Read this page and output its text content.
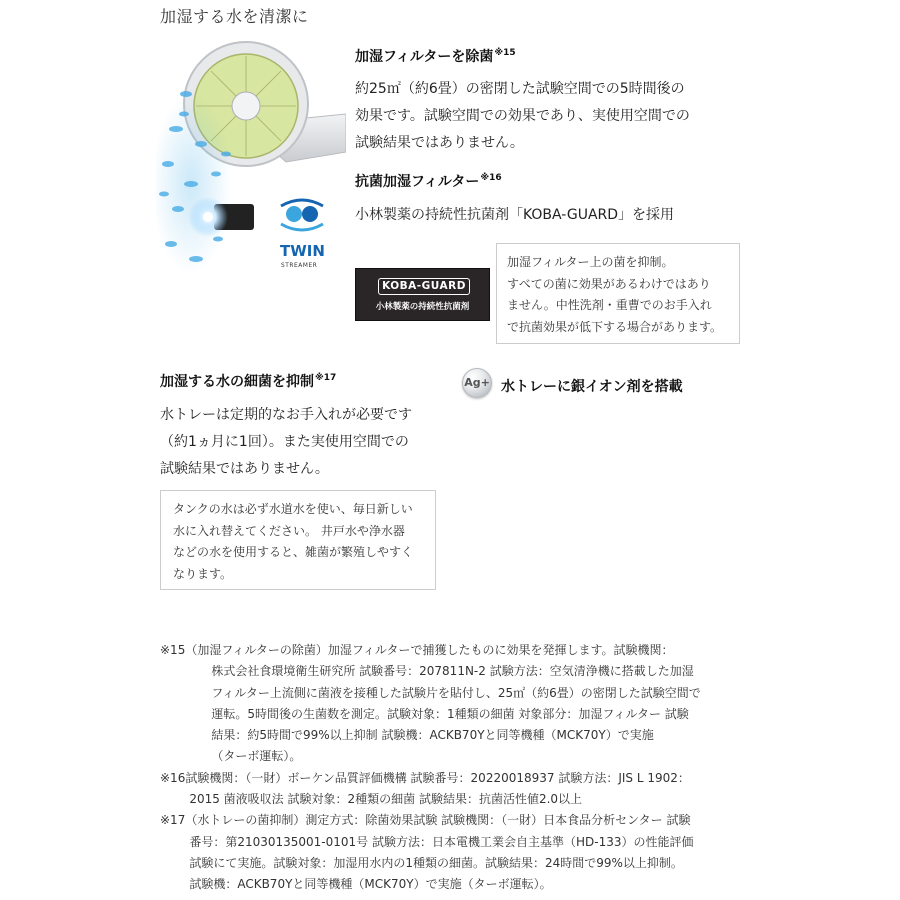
加湿する水を清潔に
TWIN
STREAMER
加湿フィルターを除菌$^{※15}$
約25㎡（約6畳）の密閉した試験空間での5時間後の
効果です。試験空間での効果であり、実使用空間での
試験結果ではありません。
抗菌加湿フィルター$^{※16}$
小林製薬の持続性抗菌剤「KOBA-GUARD」を採用
加湿フィルター上の菌を抑制。
すべての菌に効果があるわけではあり
ません。中性洗剤・重曹でのお手入れ
で抗菌効果が低下する場合があります。
KOBA-GUARD
小林製薬の持続性抗菌剤
加湿する水の細菌を抑制$^{※17}$
水トレーは定期的なお手入れが必要です
（約1ヵ月に1回）。また実使用空間での
試験結果ではありません。
タンクの水は必ず水道水を使い、毎日新しい
水に入れ替えてください。 井戸水や浄水器
などの水を使用すると、雑菌が繁殖しやすく
なります。
Ag+ 水トレーに銀イオン剤を搭載
※15 （加湿フィルターの除菌）加湿フィルターで捕獲したものに効果を発揮します。試験機関：
株式会社食環境衛生研究所 試験番号：207811N-2 試験方法：空気清浄機に搭載した加湿
フィルター上流側に菌液を接種した試験片を貼付し、25㎡（約6畳）の密閉した試験空間で
運転。5時間後の生菌数を測定。試験対象：1種類の細菌 対象部分：加湿フィルター 試験
結果：約5時間で99%以上抑制 試験機：ACKB70Yと同等機種（MCK70Y）で実施
（ターボ運転）。
※16 試験機関：（一財）ボーケン品質評価機構 試験番号：20220018937 試験方法：JIS L 1902：
2015 菌液吸収法 試験対象：2種類の細菌 試験結果：抗菌活性値2.0以上
※17 （水トレーの菌抑制）測定方式：除菌効果試験 試験機関：（一財）日本食品分析センター 試験
番号：第21030135001-0101号 試験方法：日本電機工業会自主基準（HD-133）の性能評価
試験にて実施。試験対象：加湿用水内の1種類の細菌。試験結果：24時間で99%以上抑制。
試験機：ACKB70Yと同等機種（MCK70Y）で実施（ターボ運転）。
